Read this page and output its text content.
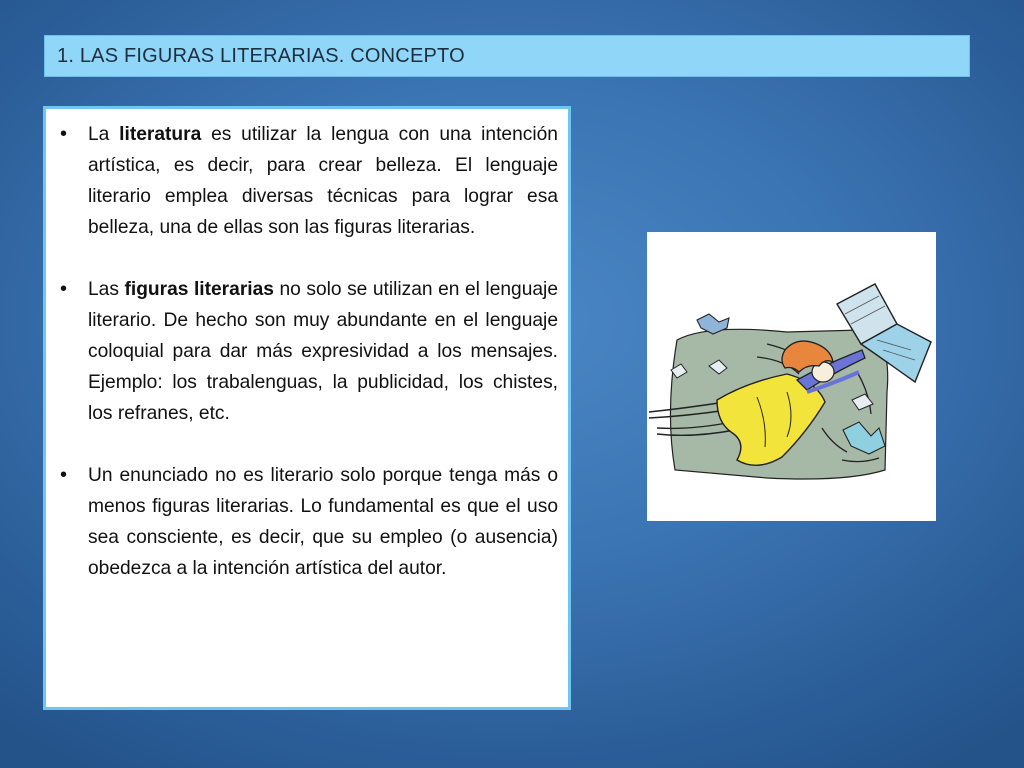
1. LAS FIGURAS LITERARIAS. CONCEPTO
•	La literatura es utilizar la lengua con una intención artística, es decir, para crear belleza. El lenguaje literario emplea diversas técnicas para lograr esa belleza, una de ellas son las figuras literarias.
•	Las figuras literarias no solo se utilizan en el lenguaje literario. De hecho son muy abundante en el lenguaje coloquial para dar más expresividad a los mensajes. Ejemplo: los trabalenguas, la publicidad, los chistes, los refranes, etc.
•	Un enunciado no es literario solo porque tenga más o menos figuras literarias. Lo fundamental es que el uso sea consciente, es decir, que su empleo (o ausencia) obedezca a la intención artística del autor.
